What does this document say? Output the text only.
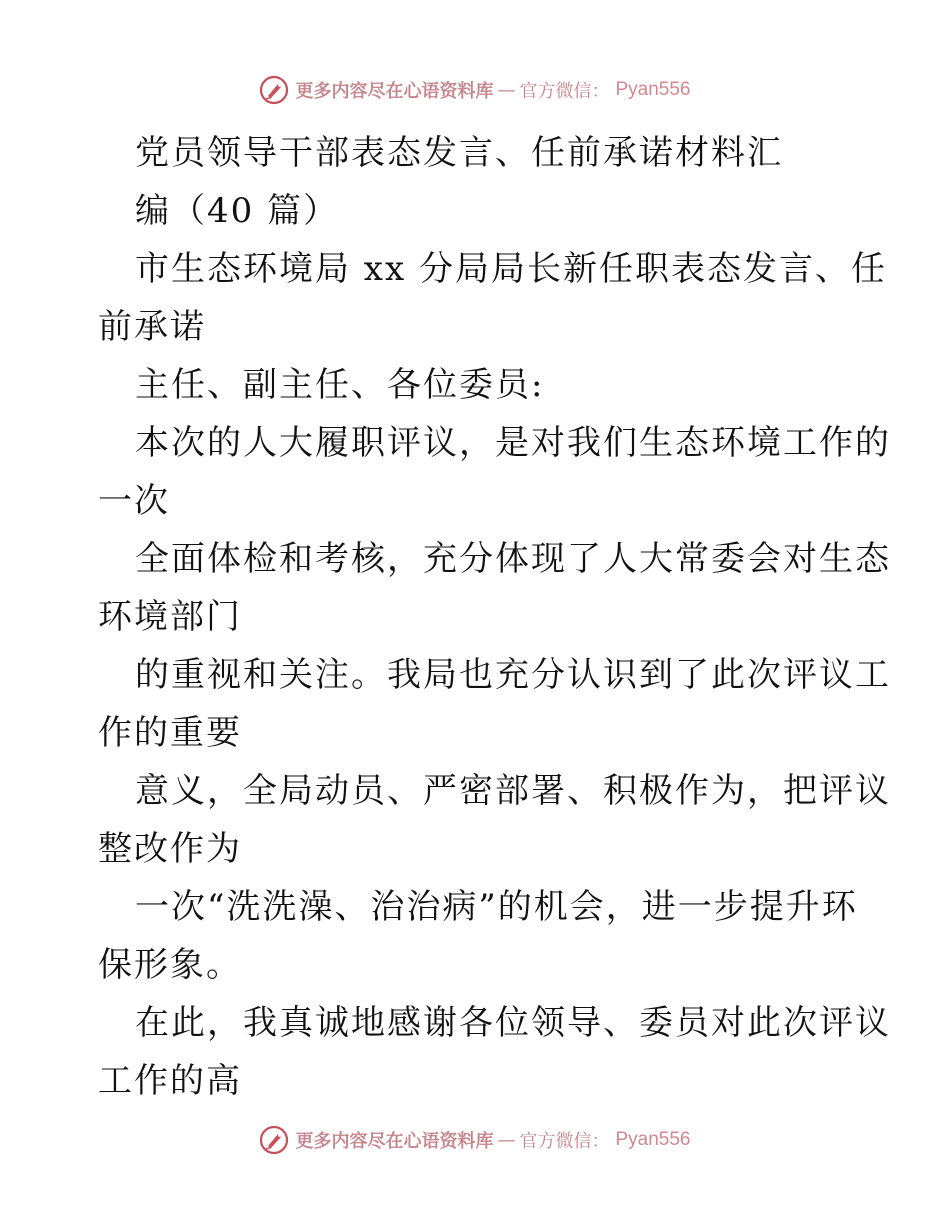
更多内容尽在心语资料库 — 官方微信： Pyan556
党员领导干部表态发言、任前承诺材料汇
编（40 篇）
市生态环境局 xx 分局局长新任职表态发言、任
前承诺
主任、副主任、各位委员:
本次的人大履职评议，是对我们生态环境工作的
一次
全面体检和考核，充分体现了人大常委会对生态
环境部门
的重视和关注。我局也充分认识到了此次评议工
作的重要
意义，全局动员、严密部署、积极作为，把评议
整改作为
一次“洗洗澡、治治病”的机会，进一步提升环
保形象。
在此，我真诚地感谢各位领导、委员对此次评议
工作的高
更多内容尽在心语资料库 — 官方微信： Pyan556
